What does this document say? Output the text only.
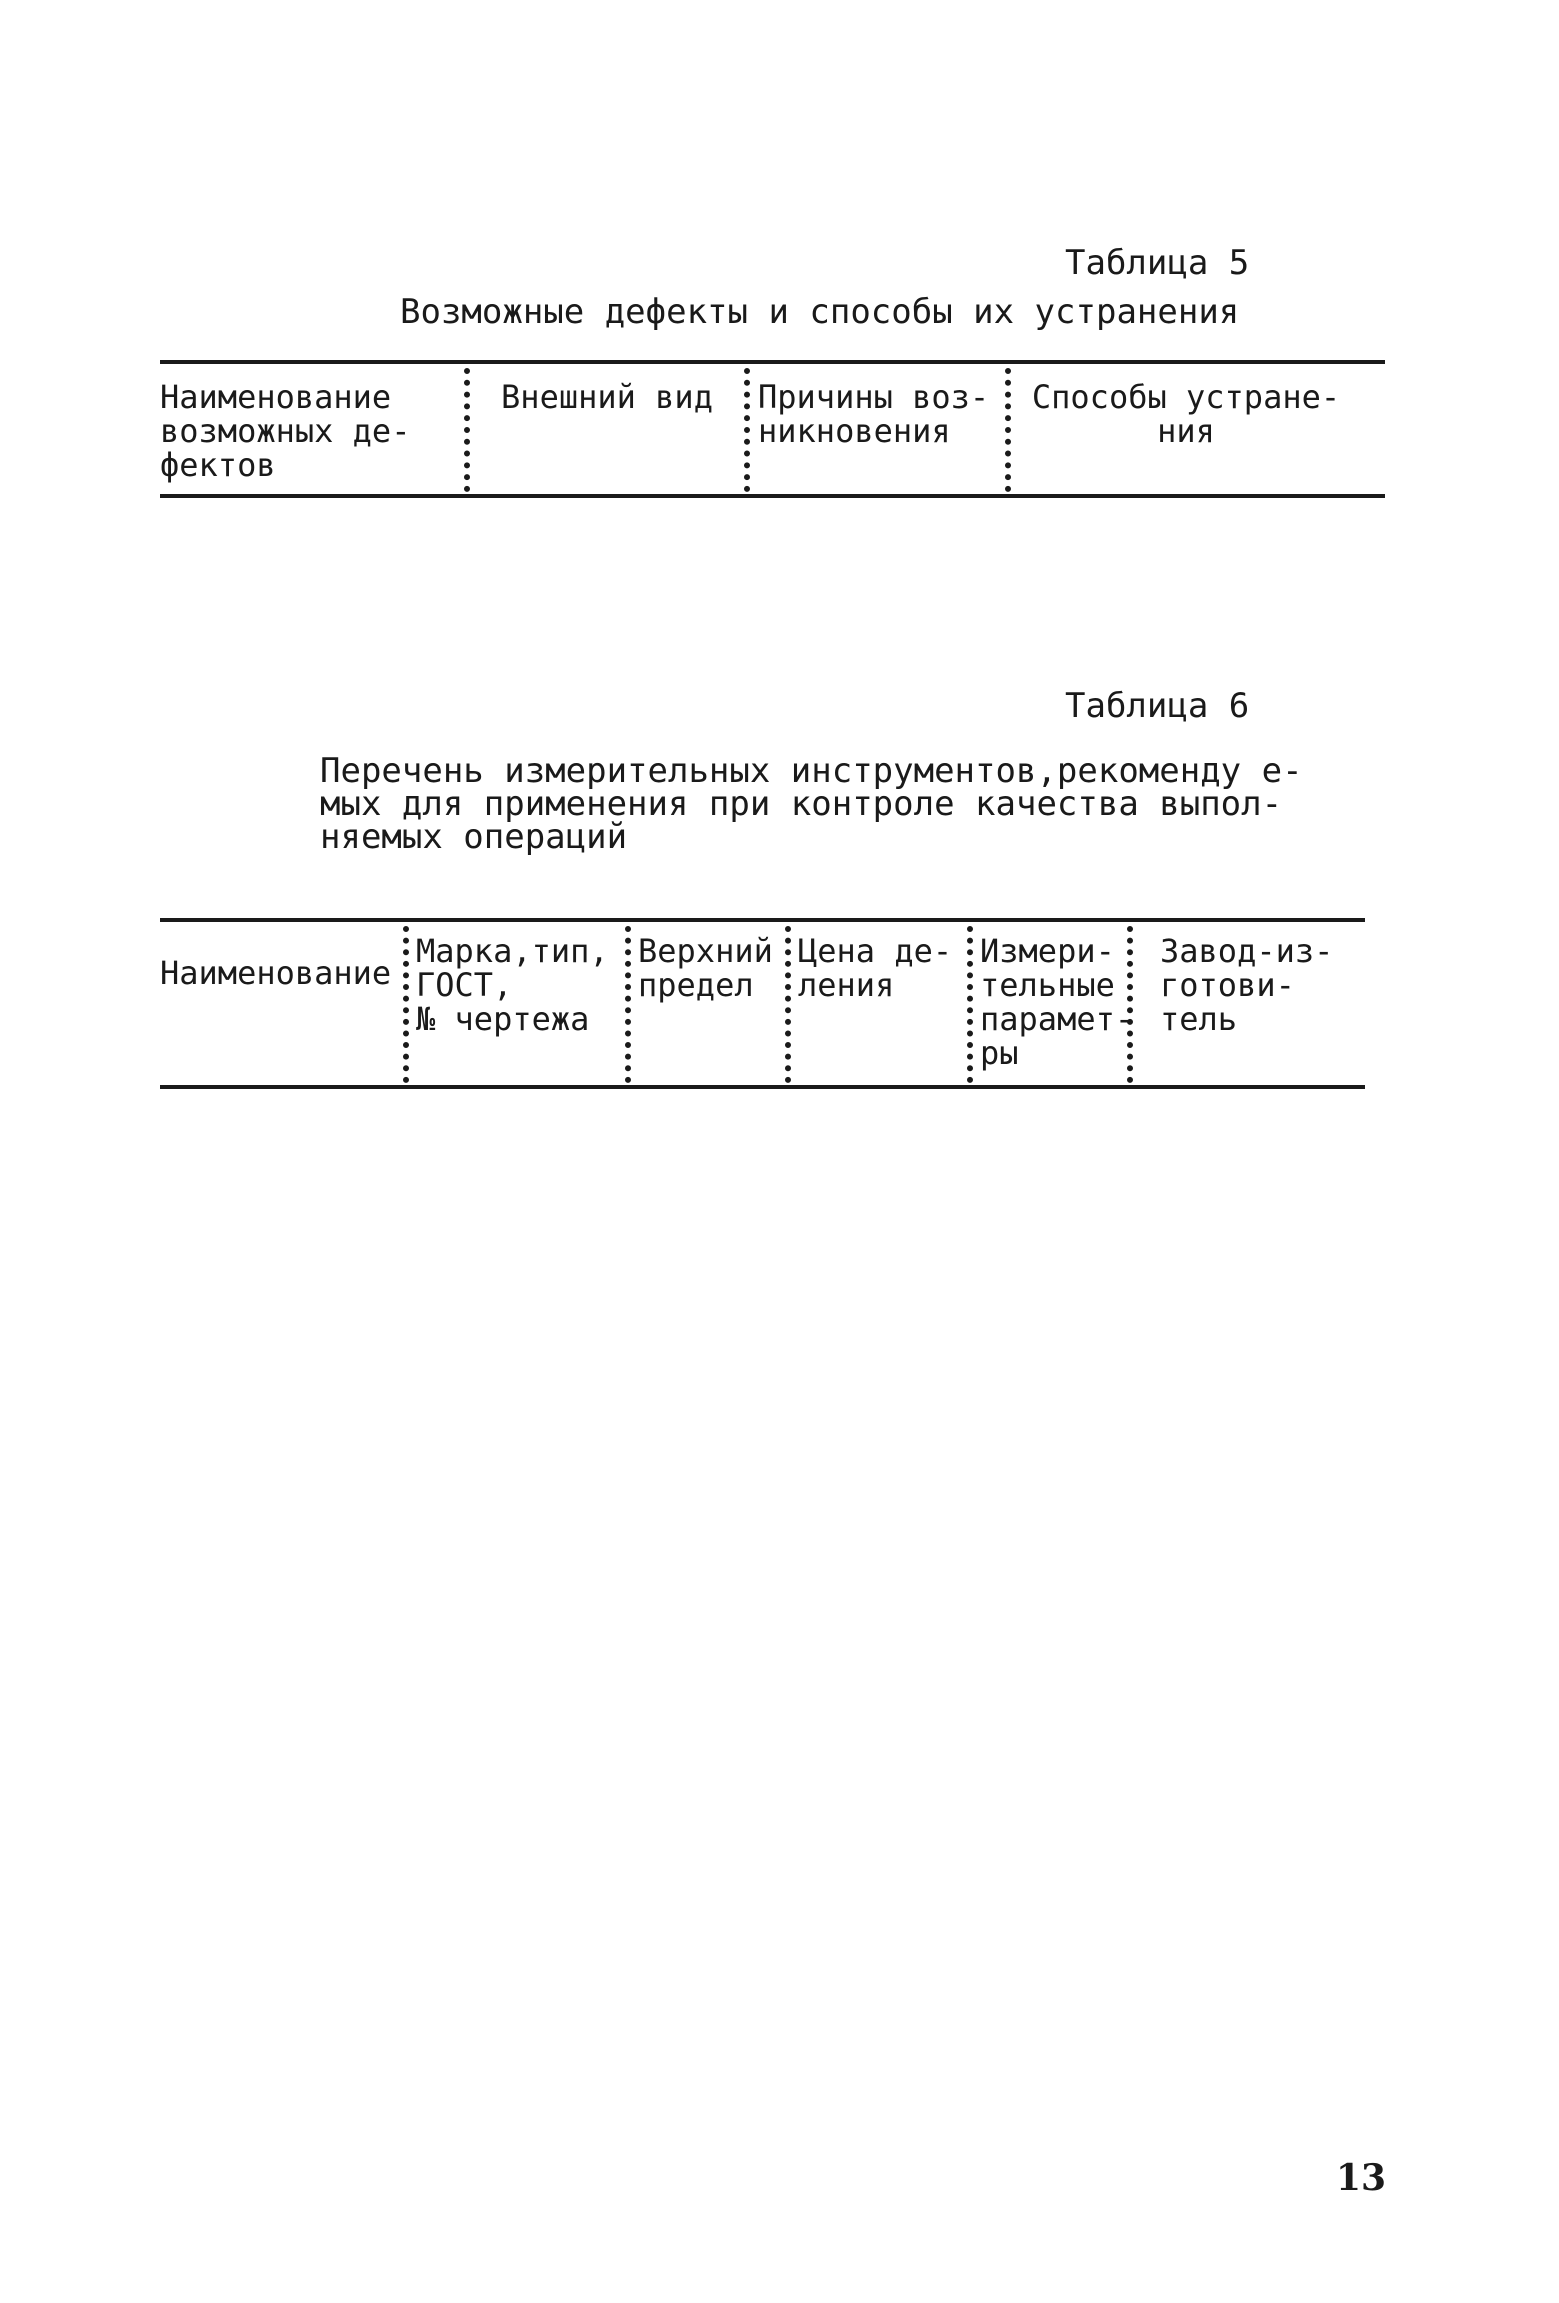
Таблица 5
Возможные дефекты и способы их устранения
Наименование
возможных де-
фектов
Внешний вид	Причины воз-
никновения
Способы устране-
ния
Таблица 6
Перечень измерительных инструментов,рекоменду е-
мых для применения при контроле качества выпол-
няемых операций
Наименование
Марка,тип,
ГОСТ,
№ чертежа
Верхний
предел
Цена де-
ления
Измери-
тельные
парамет-
ры
Завод-из-
готови-
тель
13
